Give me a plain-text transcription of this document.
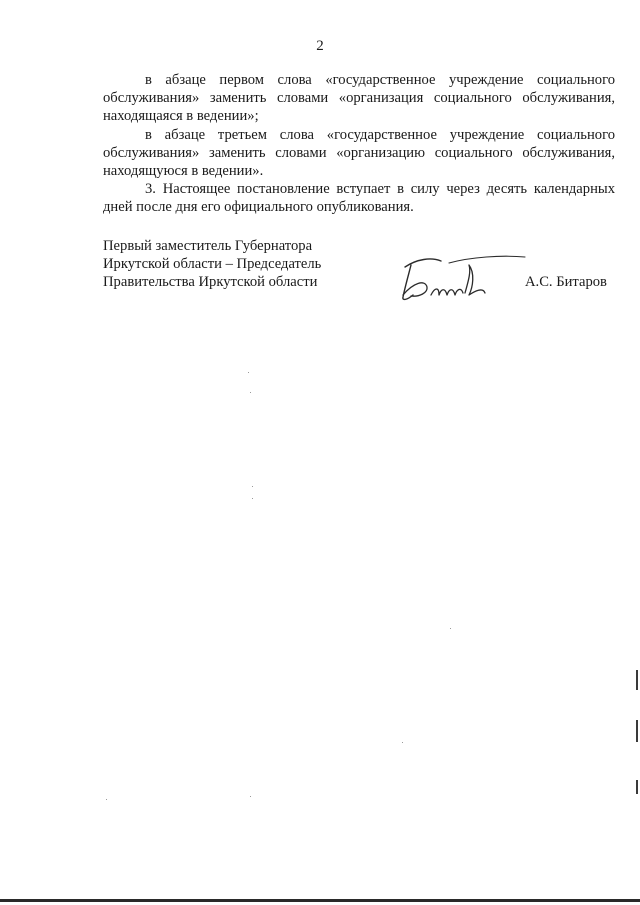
2

в абзаце первом слова «государственное учреждение социального обслуживания» заменить словами «организация социального обслуживания, находящаяся в ведении»;

в абзаце третьем слова «государственное учреждение социального обслуживания» заменить словами «организацию социального обслуживания, находящуюся в ведении».

3. Настоящее постановление вступает в силу через десять календарных дней после дня его официального опубликования.

Первый заместитель Губернатора
Иркутской области – Председатель
Правительства Иркутской области	А.С. Битаров
